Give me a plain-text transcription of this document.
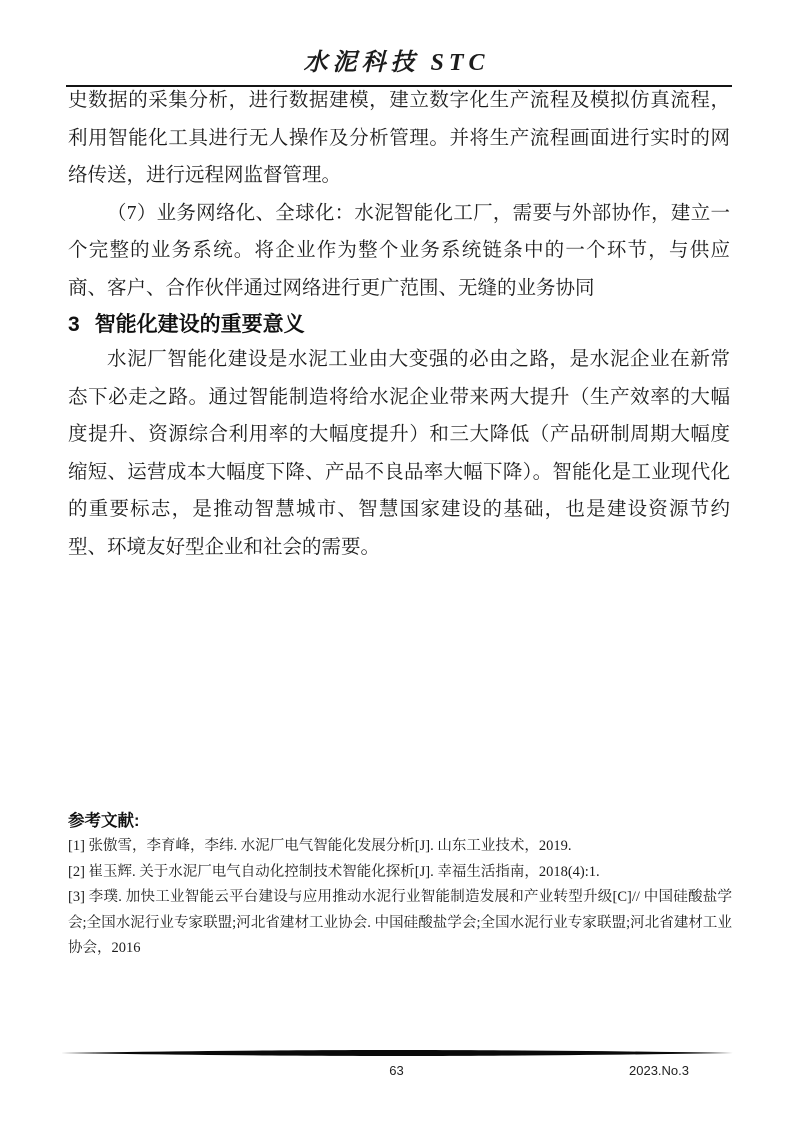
水泥科技 STC

史数据的采集分析，进行数据建模，建立数字化生产流程及模拟仿真流程，利用智能化工具进行无人操作及分析管理。并将生产流程画面进行实时的网络传送，进行远程网监督管理。

（7）业务网络化、全球化：水泥智能化工厂，需要与外部协作，建立一个完整的业务系统。将企业作为整个业务系统链条中的一个环节，与供应商、客户、合作伙伴通过网络进行更广范围、无缝的业务协同

3 智能化建设的重要意义

水泥厂智能化建设是水泥工业由大变强的必由之路，是水泥企业在新常态下必走之路。通过智能制造将给水泥企业带来两大提升（生产效率的大幅度提升、资源综合利用率的大幅度提升）和三大降低（产品研制周期大幅度缩短、运营成本大幅度下降、产品不良品率大幅下降）。智能化是工业现代化的重要标志，是推动智慧城市、智慧国家建设的基础，也是建设资源节约型、环境友好型企业和社会的需要。

参考文献:

[1] 张傲雪，李育峰，李纬. 水泥厂电气智能化发展分析[J]. 山东工业技术，2019.

[2] 崔玉辉. 关于水泥厂电气自动化控制技术智能化探析[J]. 幸福生活指南，2018(4):1.

[3] 李璞. 加快工业智能云平台建设与应用推动水泥行业智能制造发展和产业转型升级[C]// 中国硅酸盐学会;全国水泥行业专家联盟;河北省建材工业协会. 中国硅酸盐学会;全国水泥行业专家联盟;河北省建材工业协会，2016

63	2023.No.3
